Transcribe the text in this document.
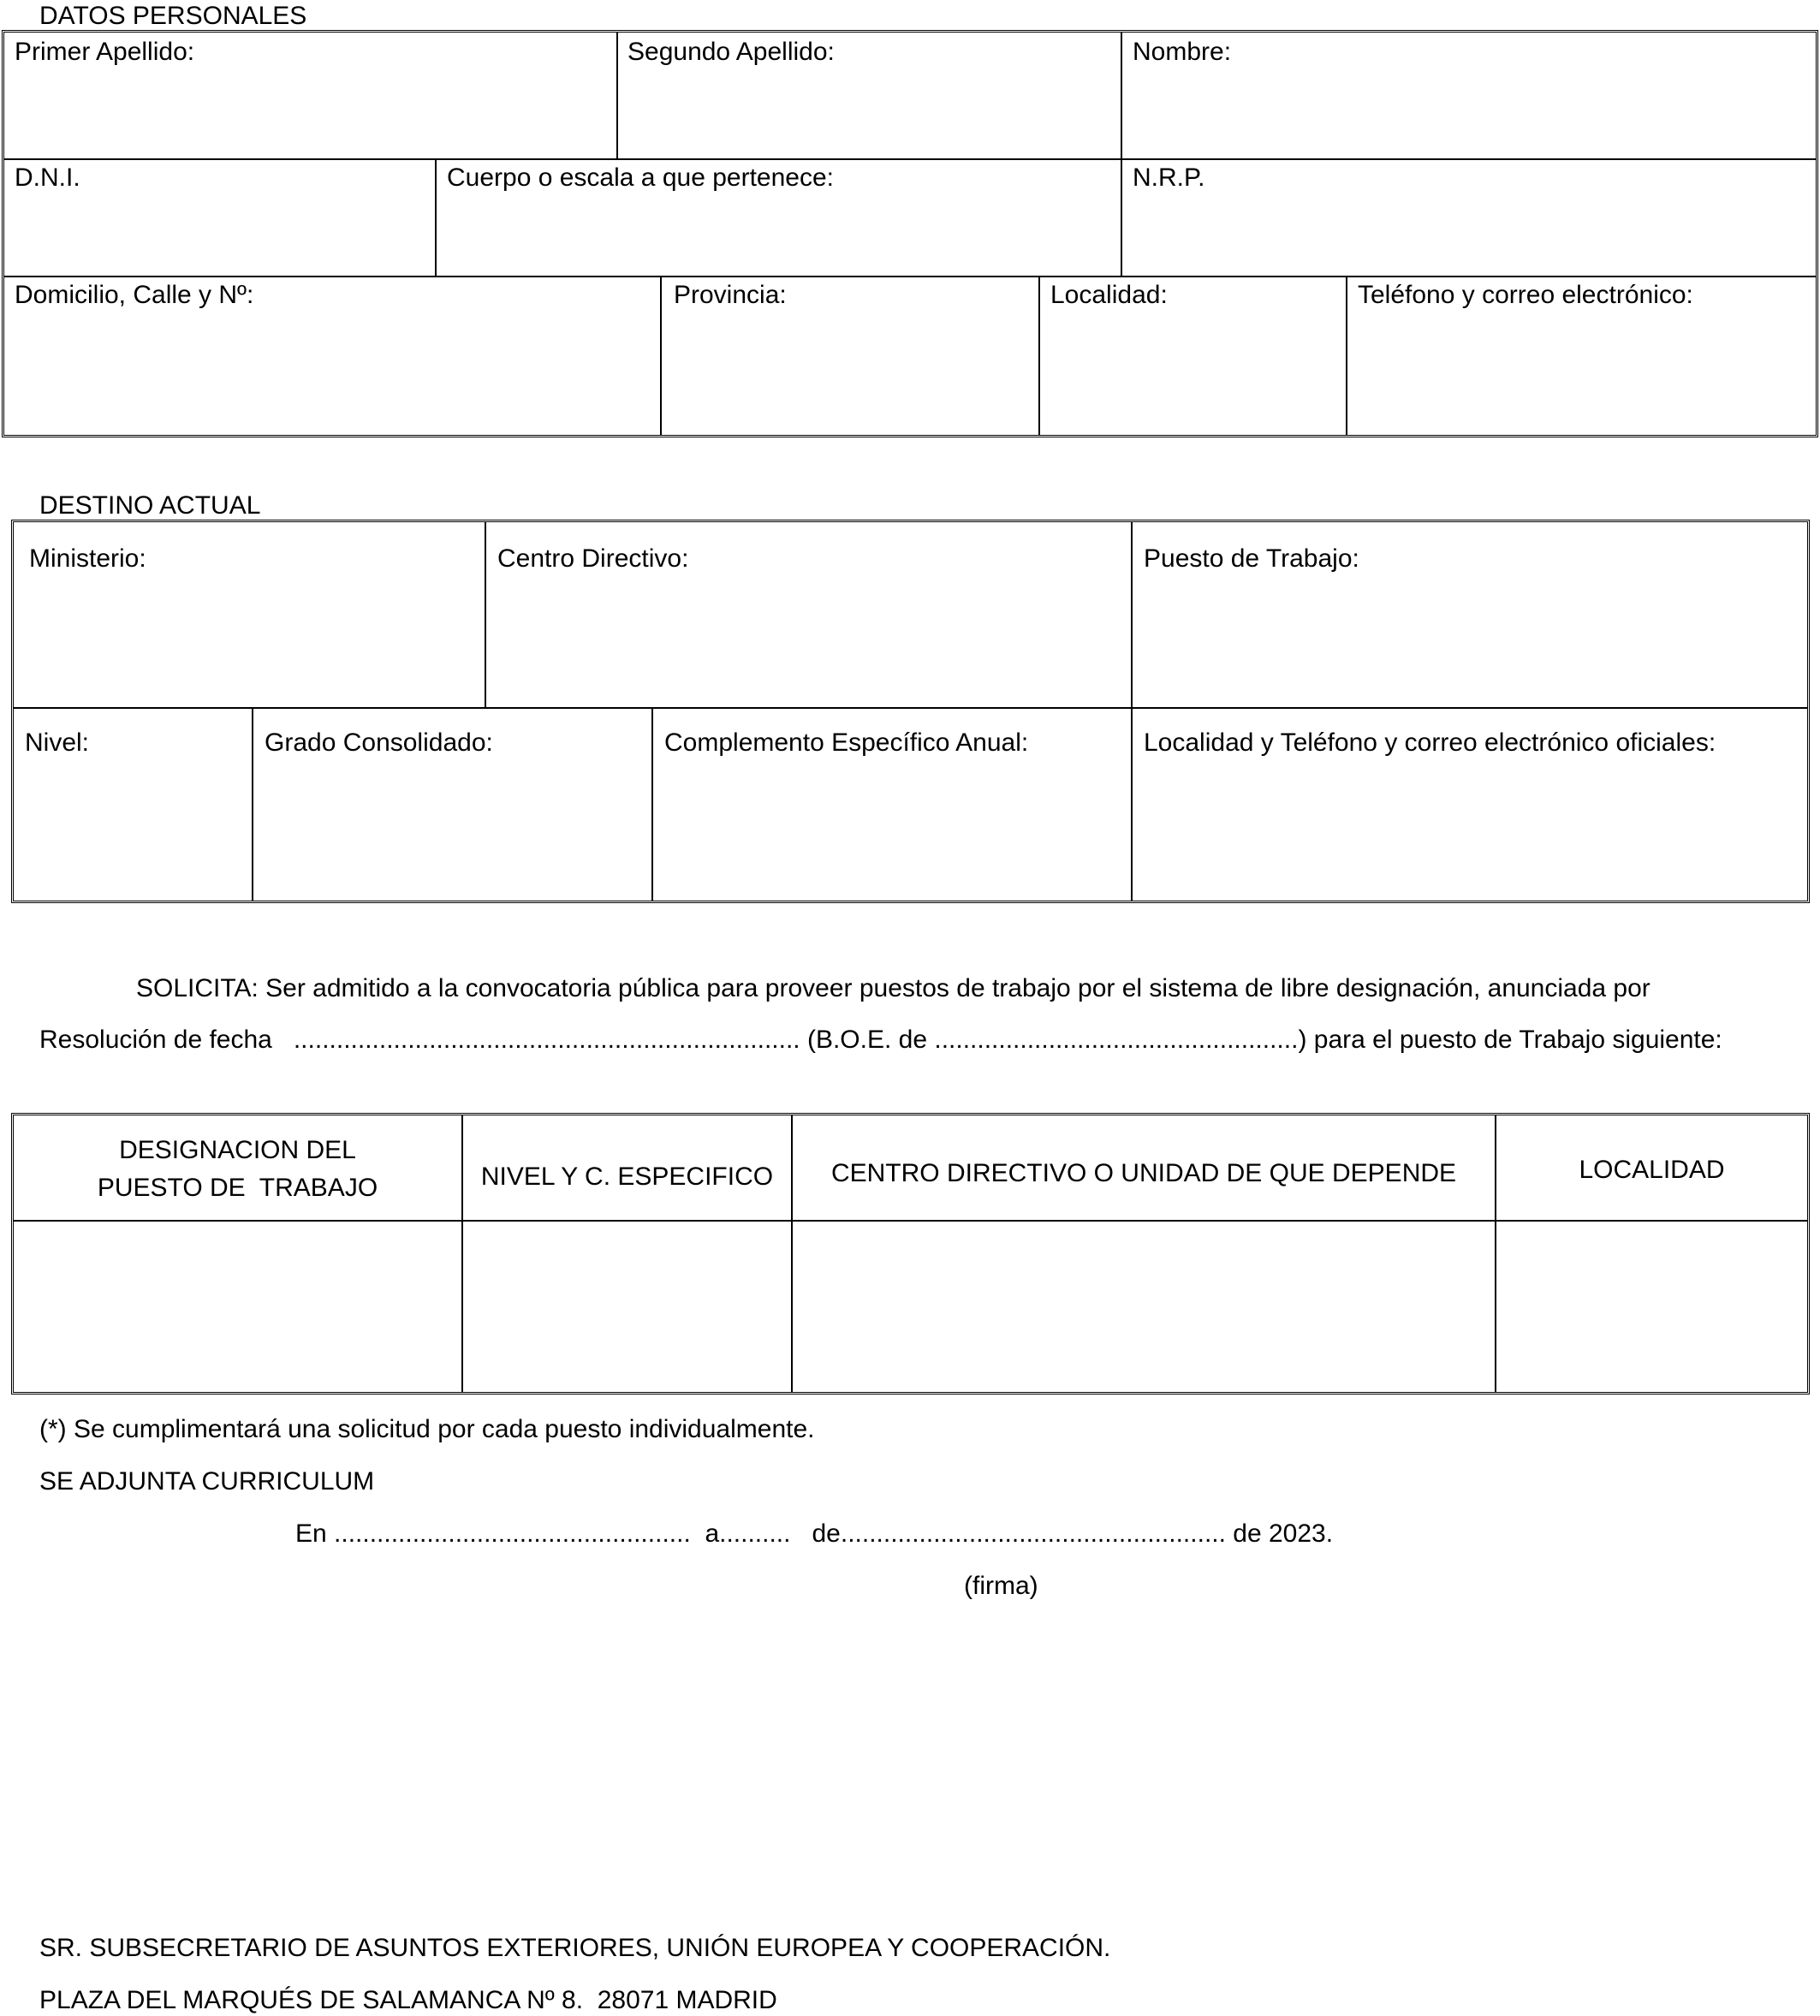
DATOS PERSONALES
Primer Apellido:	Segundo Apellido:	Nombre:
D.N.I.	Cuerpo o escala a que pertenece:	N.R.P.
Domicilio, Calle y Nº:	Provincia:	Localidad:	Teléfono y correo electrónico:
DESTINO ACTUAL
Ministerio:	Centro Directivo:	Puesto de Trabajo:
Nivel:	Grado Consolidado:	Complemento Específico Anual:	Localidad y Teléfono y correo electrónico oficiales:
SOLICITA: Ser admitido a la convocatoria pública para proveer puestos de trabajo por el sistema de libre designación, anunciada por
Resolución de fecha   ....................................................................... (B.O.E. de ...................................................) para el puesto de Trabajo siguiente:
DESIGNACION DEL
PUESTO DE  TRABAJO	NIVEL Y C. ESPECIFICO	CENTRO DIRECTIVO O UNIDAD DE QUE DEPENDE	LOCALIDAD
(*) Se cumplimentará una solicitud por cada puesto individualmente.
SE ADJUNTA CURRICULUM
En ..................................................  a..........   de...................................................... de 2023.
(firma)
SR. SUBSECRETARIO DE ASUNTOS EXTERIORES, UNIÓN EUROPEA Y COOPERACIÓN.
PLAZA DEL MARQUÉS DE SALAMANCA Nº 8.  28071 MADRID
